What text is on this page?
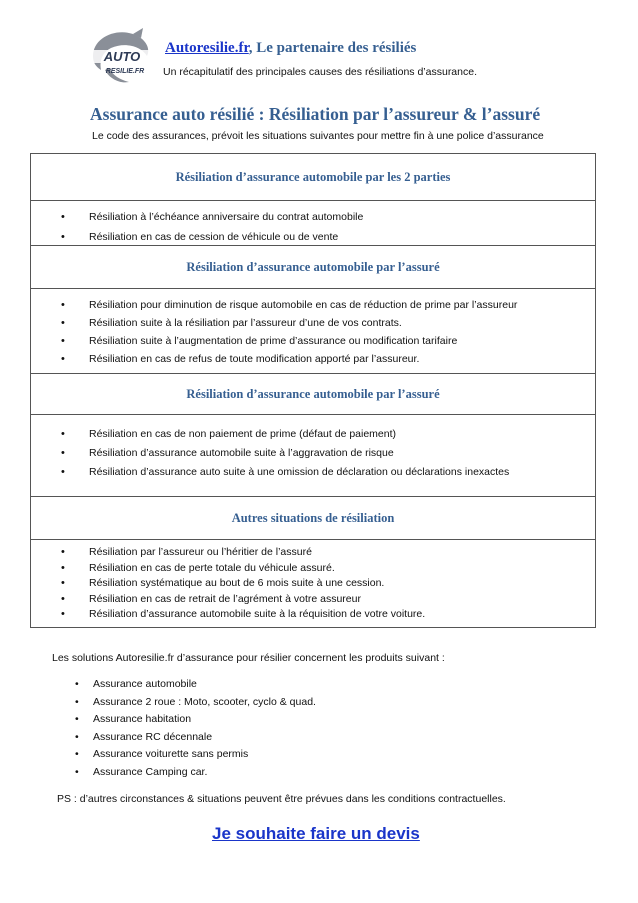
AUTO
RESILIE.FR
Autoresilie.fr, Le partenaire des résiliés
Un récapitulatif des principales causes des résiliations d’assurance.
Assurance auto résilié : Résiliation par l’assureur & l’assuré
Le code des assurances, prévoit les situations suivantes pour mettre fin à une police d’assurance
Résiliation d’assurance automobile par les 2 parties
• Résiliation à l’échéance anniversaire du contrat automobile
• Résiliation en cas de cession de véhicule ou de vente
Résiliation d’assurance automobile par l’assuré
• Résiliation pour diminution de risque automobile en cas de réduction de prime par l’assureur
• Résiliation suite à la résiliation par l’assureur d’une de vos contrats.
• Résiliation suite à l’augmentation de prime d’assurance ou modification tarifaire
• Résiliation en cas de refus de toute modification apporté par l’assureur.
Résiliation d’assurance automobile par l’assuré
• Résiliation en cas de non paiement de prime (défaut de paiement)
• Résiliation d’assurance automobile suite à l’aggravation de risque
• Résiliation d’assurance auto suite à une omission de déclaration ou déclarations inexactes
Autres situations de résiliation
• Résiliation par l’assureur ou l’héritier de l’assuré
• Résiliation en cas de perte totale du véhicule assuré.
• Résiliation systématique au bout de 6 mois suite à une cession.
• Résiliation en cas de retrait de l’agrément à votre assureur
• Résiliation d’assurance automobile suite à la réquisition de votre voiture.
Les solutions Autoresilie.fr d’assurance pour résilier concernent les produits suivant :
• Assurance automobile
• Assurance 2 roue : Moto, scooter, cyclo & quad.
• Assurance habitation
• Assurance RC décennale
• Assurance voiturette sans permis
• Assurance Camping car.
PS : d’autres circonstances & situations peuvent être prévues dans les conditions contractuelles.
Je souhaite faire un devis
